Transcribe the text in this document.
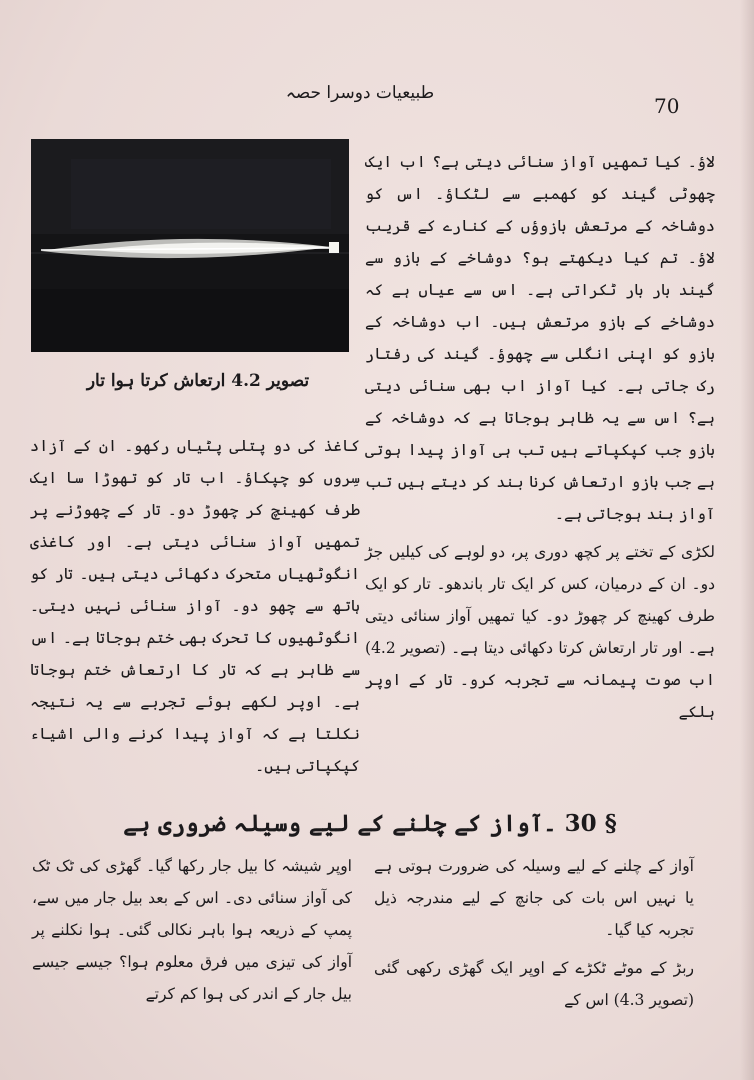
طبیعیات دوسرا حصہ
70
تصویر 4.2 ارتعاش کرتا ہوا تار

لاؤ۔ کیا تمھیں آواز سنائی دیتی ہے؟ اب ایک چھوٹی گیند کو کھمبے سے لٹکاؤ۔ اس کو دوشاخہ کے مرتعش بازوؤں کے کنارے کے قریب لاؤ۔ تم کیا دیکھتے ہو؟ دوشاخے کے بازو سے گیند بار بار ٹکراتی ہے۔ اس سے عیاں ہے کہ دوشاخے کے بازو مرتعش ہیں۔ اب دوشاخہ کے بازو کو اپنی انگلی سے چھوؤ۔ گیند کی رفتار رک جاتی ہے۔ کیا آواز اب بھی سنائی دیتی ہے؟ اس سے یہ ظاہر ہوجاتا ہے کہ دوشاخہ کے بازو جب کپکپاتے ہیں تب ہی آواز پیدا ہوتی ہے جب بازو ارتعاش کرنا بند کر دیتے ہیں تب آواز بند ہوجاتی ہے۔

لکڑی کے تختے پر کچھ دوری پر، دو لوہے کی کیلیں جڑ دو۔ ان کے درمیان، کس کر ایک تار باندھو۔ تار کو ایک طرف کھینچ کر چھوڑ دو۔ کیا تمھیں آواز سنائی دیتی ہے۔ اور تار ارتعاش کرتا دکھائی دیتا ہے۔ (تصویر 4.2) اب صوت پیمانہ سے تجربہ کرو۔ تار کے اوپر ہلکے

کاغذ کی دو پتلی پٹیاں رکھو۔ ان کے آزاد سِروں کو چپکاؤ۔ اب تار کو تھوڑا سا ایک طرف کھینچ کر چھوڑ دو۔ تار کے چھوڑنے پر تمھیں آواز سنائی دیتی ہے۔ اور کاغذی انگوٹھیاں متحرک دکھائی دیتی ہیں۔ تار کو ہاتھ سے چھو دو۔ آواز سنائی نہیں دیتی۔ انگوٹھیوں کا تحرک بھی ختم ہوجاتا ہے۔ اس سے ظاہر ہے کہ تار کا ارتعاش ختم ہوجاتا ہے۔ اوپر لکھے ہوئے تجربے سے یہ نتیجہ نکلتا ہے کہ آواز پیدا کرنے والی اشیاء کپکپاتی ہیں۔

§ 30 ۔آواز کے چلنے کے لیے وسیلہ ضروری ہے

آواز کے چلنے کے لیے وسیلہ کی ضرورت ہوتی ہے یا نہیں اس بات کی جانچ کے لیے مندرجہ ذیل تجربہ کیا گیا۔

ربڑ کے موٹے ٹکڑے کے اوپر ایک گھڑی رکھی گئی (تصویر 4.3) اس کے

اوپر شیشہ کا بیل جار رکھا گیا۔ گھڑی کی ٹک ٹک کی آواز سنائی دی۔ اس کے بعد بیل جار میں سے، پمپ کے ذریعہ ہوا باہر نکالی گئی۔ ہوا نکلنے پر آواز کی تیزی میں فرق معلوم ہوا؟ جیسے جیسے بیل جار کے اندر کی ہوا کم کرتے
